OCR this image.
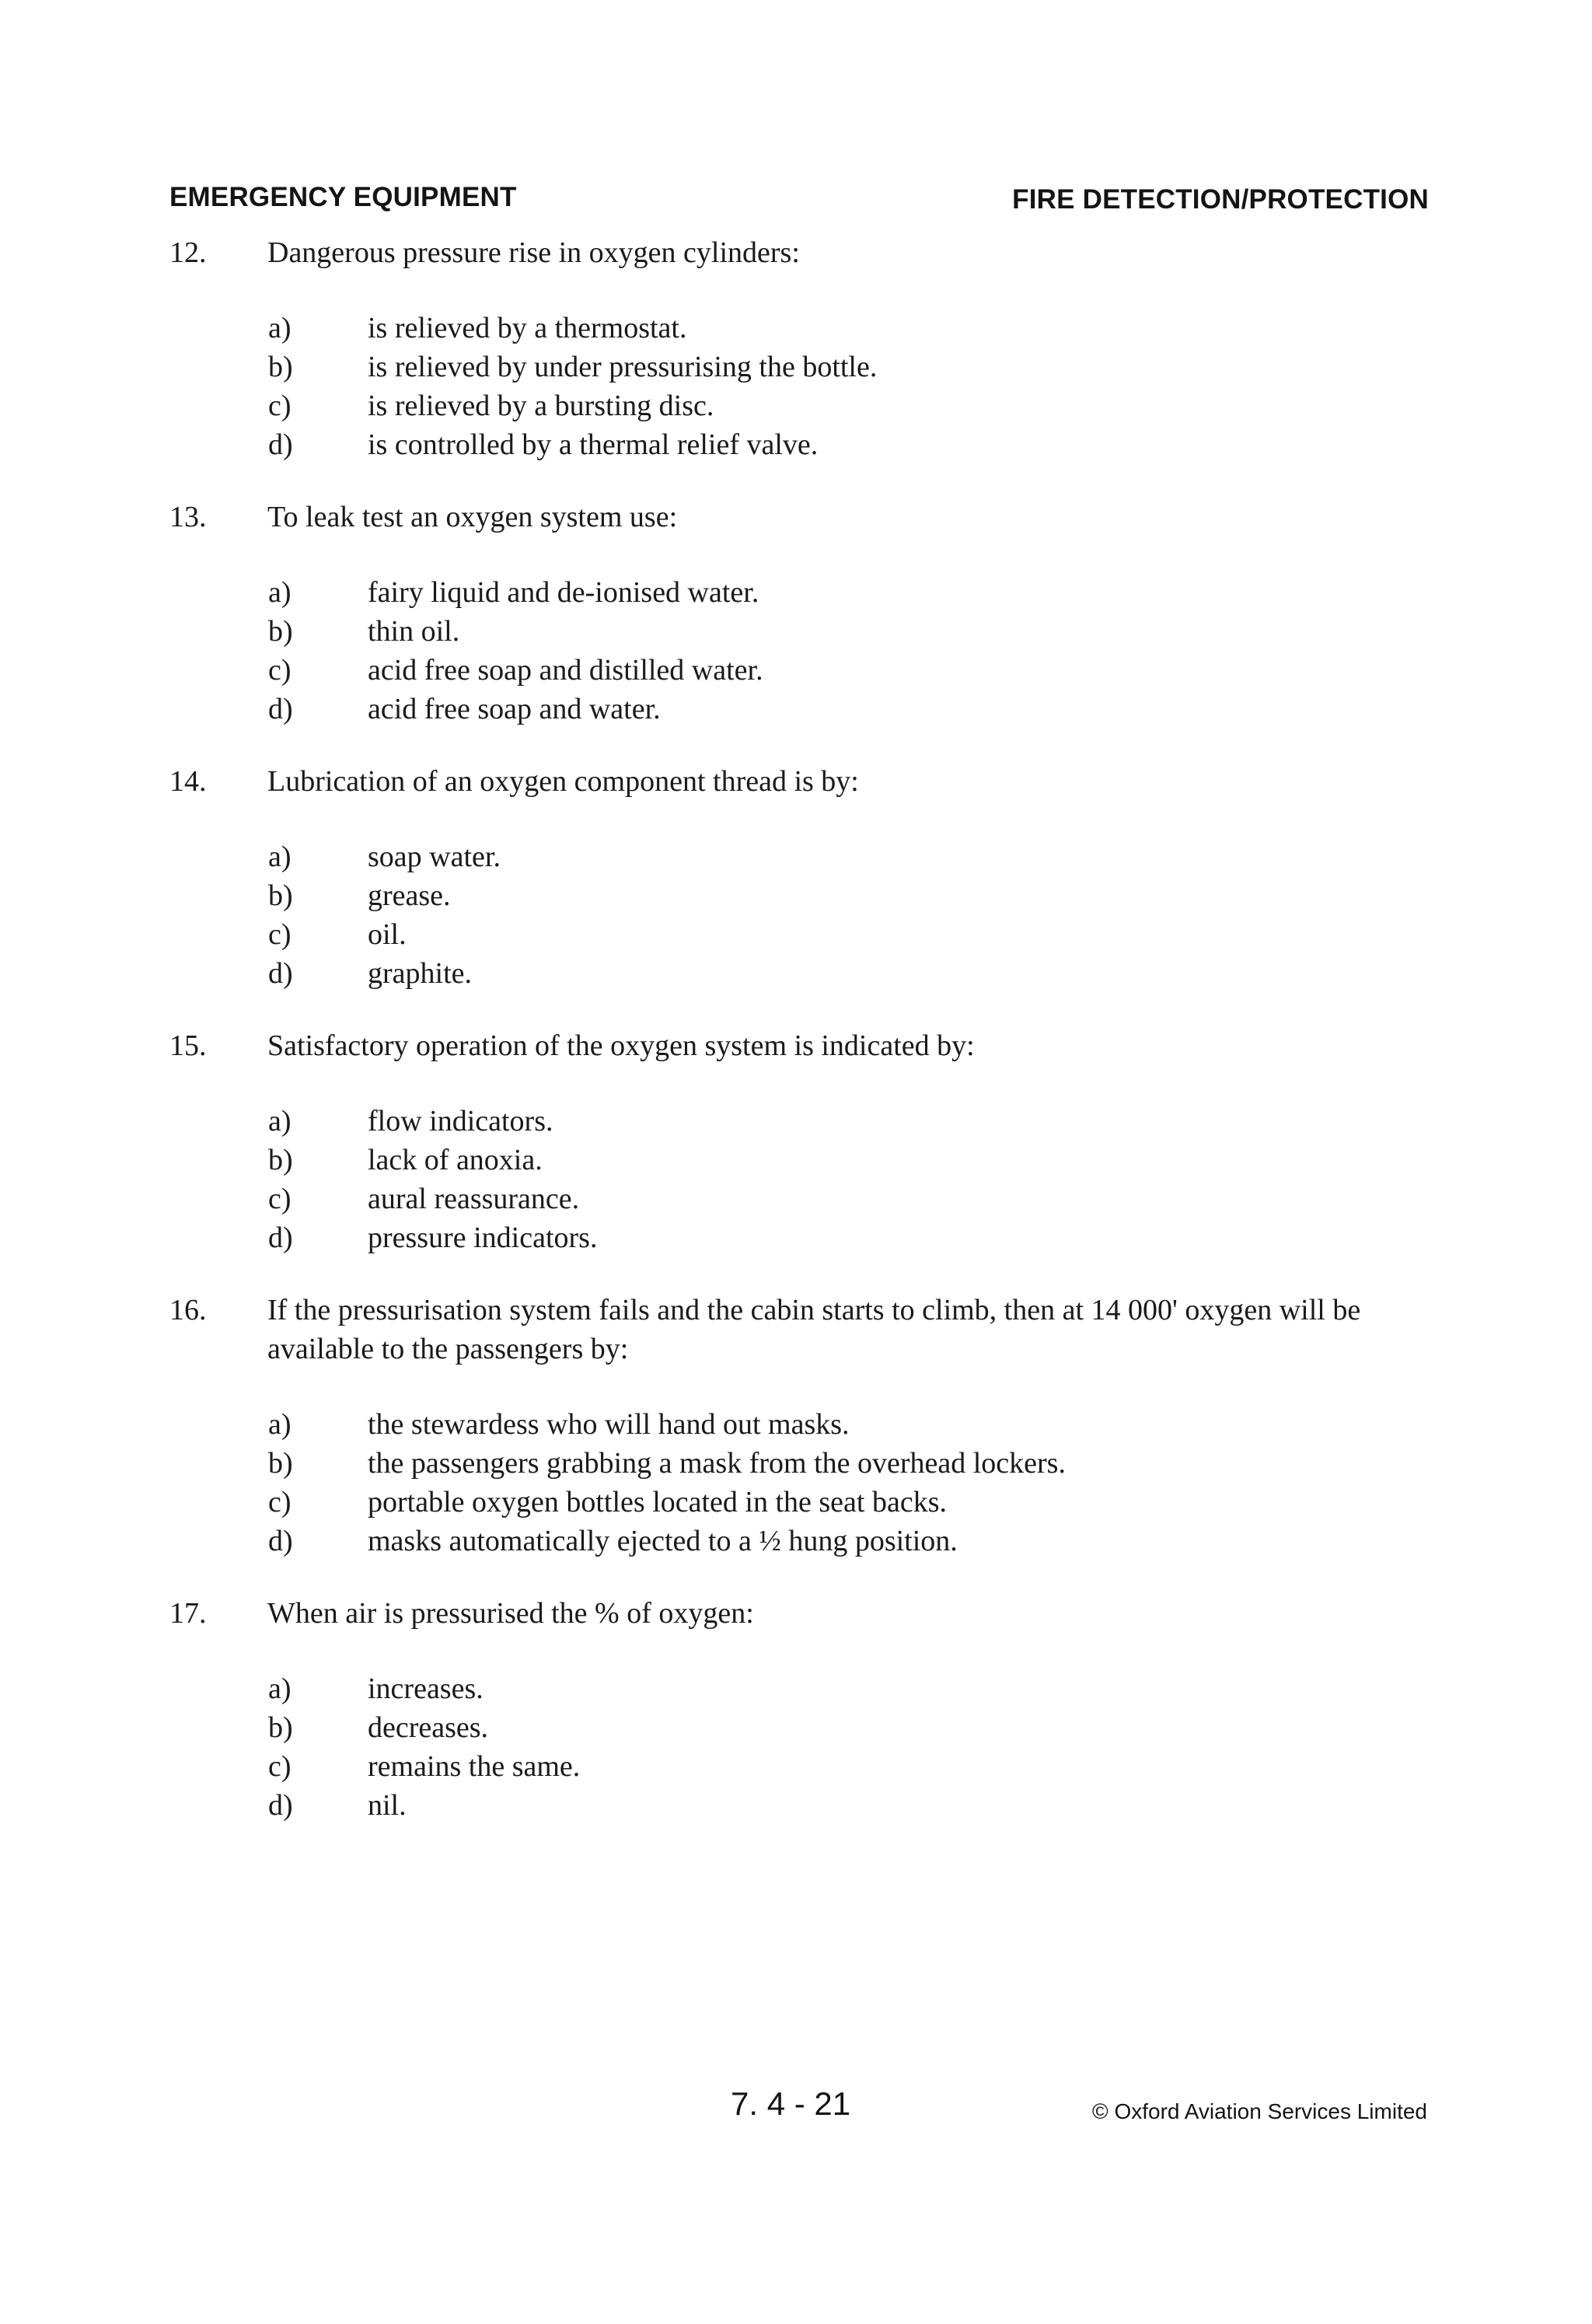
EMERGENCY EQUIPMENT	FIRE DETECTION/PROTECTION
12.	Dangerous pressure rise in oxygen cylinders:
a)	is relieved by a thermostat.
b)	is relieved by under pressurising the bottle.
c)	is relieved by a bursting disc.
d)	is controlled by a thermal relief valve.
13.	To leak test an oxygen system use:
a)	fairy liquid and de-ionised water.
b)	thin oil.
c)	acid free soap and distilled water.
d)	acid free soap and water.
14.	Lubrication of an oxygen component thread is by:
a)	soap water.
b)	grease.
c)	oil.
d)	graphite.
15.	Satisfactory operation of the oxygen system is indicated by:
a)	flow indicators.
b)	lack of anoxia.
c)	aural reassurance.
d)	pressure indicators.
16.	If the pressurisation system fails and the cabin starts to climb, then at 14 000' oxygen will be available to the passengers by:
a)	the stewardess who will hand out masks.
b)	the passengers grabbing a mask from the overhead lockers.
c)	portable oxygen bottles located in the seat backs.
d)	masks automatically ejected to a ½ hung position.
17.	When air is pressurised the % of oxygen:
a)	increases.
b)	decreases.
c)	remains the same.
d)	nil.
7. 4 - 21	© Oxford Aviation Services Limited
